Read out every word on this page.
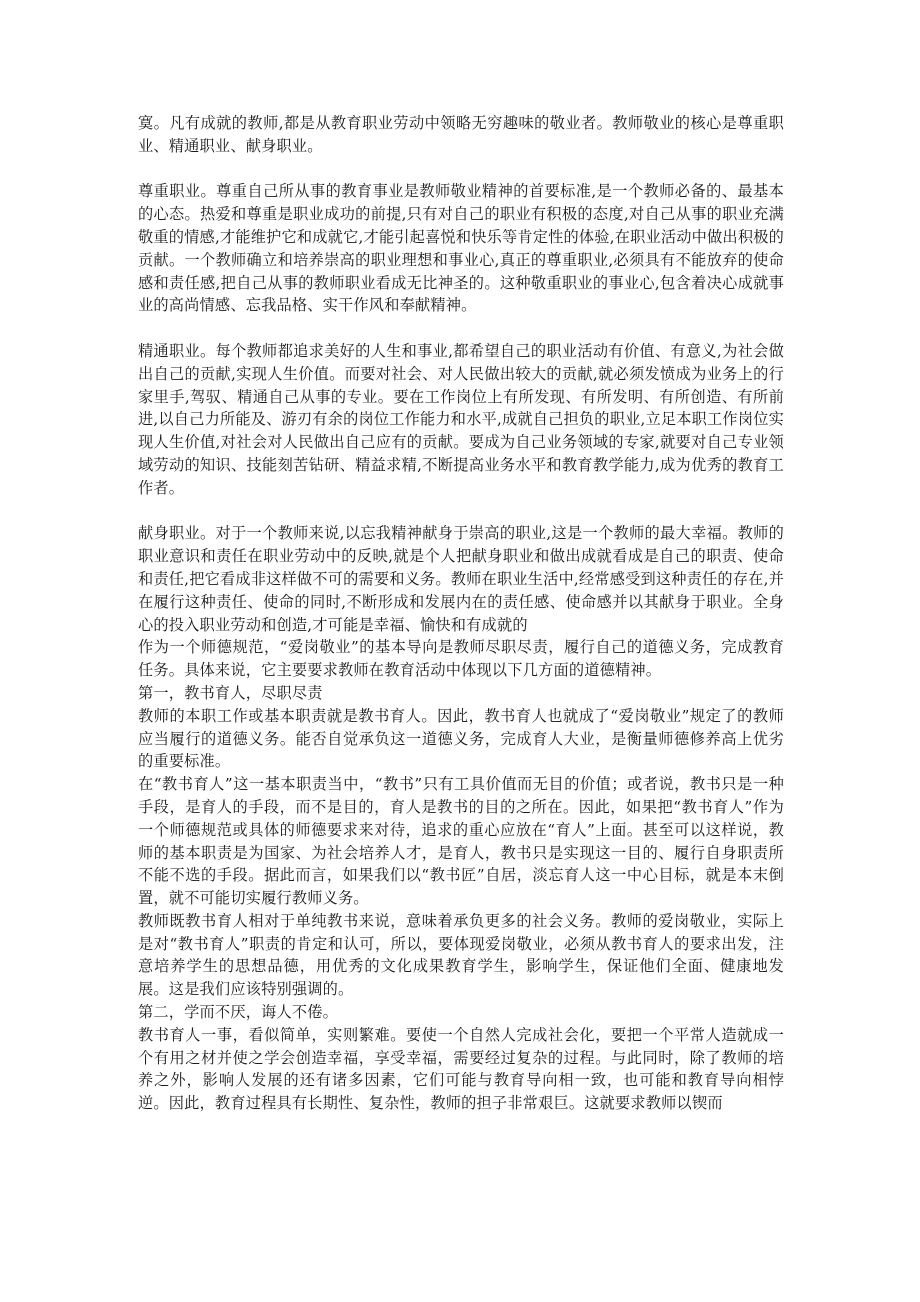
寞。凡有成就的教师,都是从教育职业劳动中领略无穷趣味的敬业者。教师敬业的核心是尊重职业、精通职业、献身职业。

尊重职业。尊重自己所从事的教育事业是教师敬业精神的首要标准,是一个教师必备的、最基本的心态。热爱和尊重是职业成功的前提,只有对自己的职业有积极的态度,对自己从事的职业充满敬重的情感,才能维护它和成就它,才能引起喜悦和快乐等肯定性的体验,在职业活动中做出积极的贡献。一个教师确立和培养崇高的职业理想和事业心,真正的尊重职业,必须具有不能放弃的使命感和责任感,把自己从事的教师职业看成无比神圣的。这种敬重职业的事业心,包含着决心成就事业的高尚情感、忘我品格、实干作风和奉献精神。

精通职业。每个教师都追求美好的人生和事业,都希望自己的职业活动有价值、有意义,为社会做出自己的贡献,实现人生价值。而要对社会、对人民做出较大的贡献,就必须发愤成为业务上的行家里手,驾驭、精通自己从事的专业。要在工作岗位上有所发现、有所发明、有所创造、有所前进,以自己力所能及、游刃有余的岗位工作能力和水平,成就自己担负的职业,立足本职工作岗位实现人生价值,对社会对人民做出自己应有的贡献。要成为自己业务领域的专家,就要对自己专业领域劳动的知识、技能刻苦钻研、精益求精,不断提高业务水平和教育教学能力,成为优秀的教育工作者。

献身职业。对于一个教师来说,以忘我精神献身于崇高的职业,这是一个教师的最大幸福。教师的职业意识和责任在职业劳动中的反映,就是个人把献身职业和做出成就看成是自己的职责、使命和责任,把它看成非这样做不可的需要和义务。教师在职业生活中,经常感受到这种责任的存在,并在履行这种责任、使命的同时,不断形成和发展内在的责任感、使命感并以其献身于职业。全身心的投入职业劳动和创造,才可能是幸福、愉快和有成就的

作为一个师德规范，“爱岗敬业”的基本导向是教师尽职尽责，履行自己的道德义务，完成教育任务。具体来说，它主要要求教师在教育活动中体现以下几方面的道德精神。

第一，教书育人，尽职尽责

教师的本职工作或基本职责就是教书育人。因此，教书育人也就成了“爱岗敬业”规定了的教师应当履行的道德义务。能否自觉承负这一道德义务，完成育人大业，是衡量师德修养高上优劣的重要标准。

在“教书育人”这一基本职责当中，“教书”只有工具价值而无目的价值；或者说，教书只是一种手段，是育人的手段，而不是目的，育人是教书的目的之所在。因此，如果把“教书育人”作为一个师德规范或具体的师德要求来对待，追求的重心应放在“育人”上面。甚至可以这样说，教师的基本职责是为国家、为社会培养人才，是育人，教书只是实现这一目的、履行自身职责所不能不选的手段。据此而言，如果我们以“教书匠”自居，淡忘育人这一中心目标，就是本末倒置，就不可能切实履行教师义务。

教师既教书育人相对于单纯教书来说，意味着承负更多的社会义务。教师的爱岗敬业，实际上是对“教书育人”职责的肯定和认可，所以，要体现爱岗敬业，必须从教书育人的要求出发，注意培养学生的思想品德，用优秀的文化成果教育学生，影响学生，保证他们全面、健康地发展。这是我们应该特别强调的。

第二，学而不厌，诲人不倦。

教书育人一事，看似简单，实则繁难。要使一个自然人完成社会化，要把一个平常人造就成一个有用之材并使之学会创造幸福，享受幸福，需要经过复杂的过程。与此同时，除了教师的培养之外，影响人发展的还有诸多因素，它们可能与教育导向相一致，也可能和教育导向相悖逆。因此，教育过程具有长期性、复杂性，教师的担子非常艰巨。这就要求教师以锲而
